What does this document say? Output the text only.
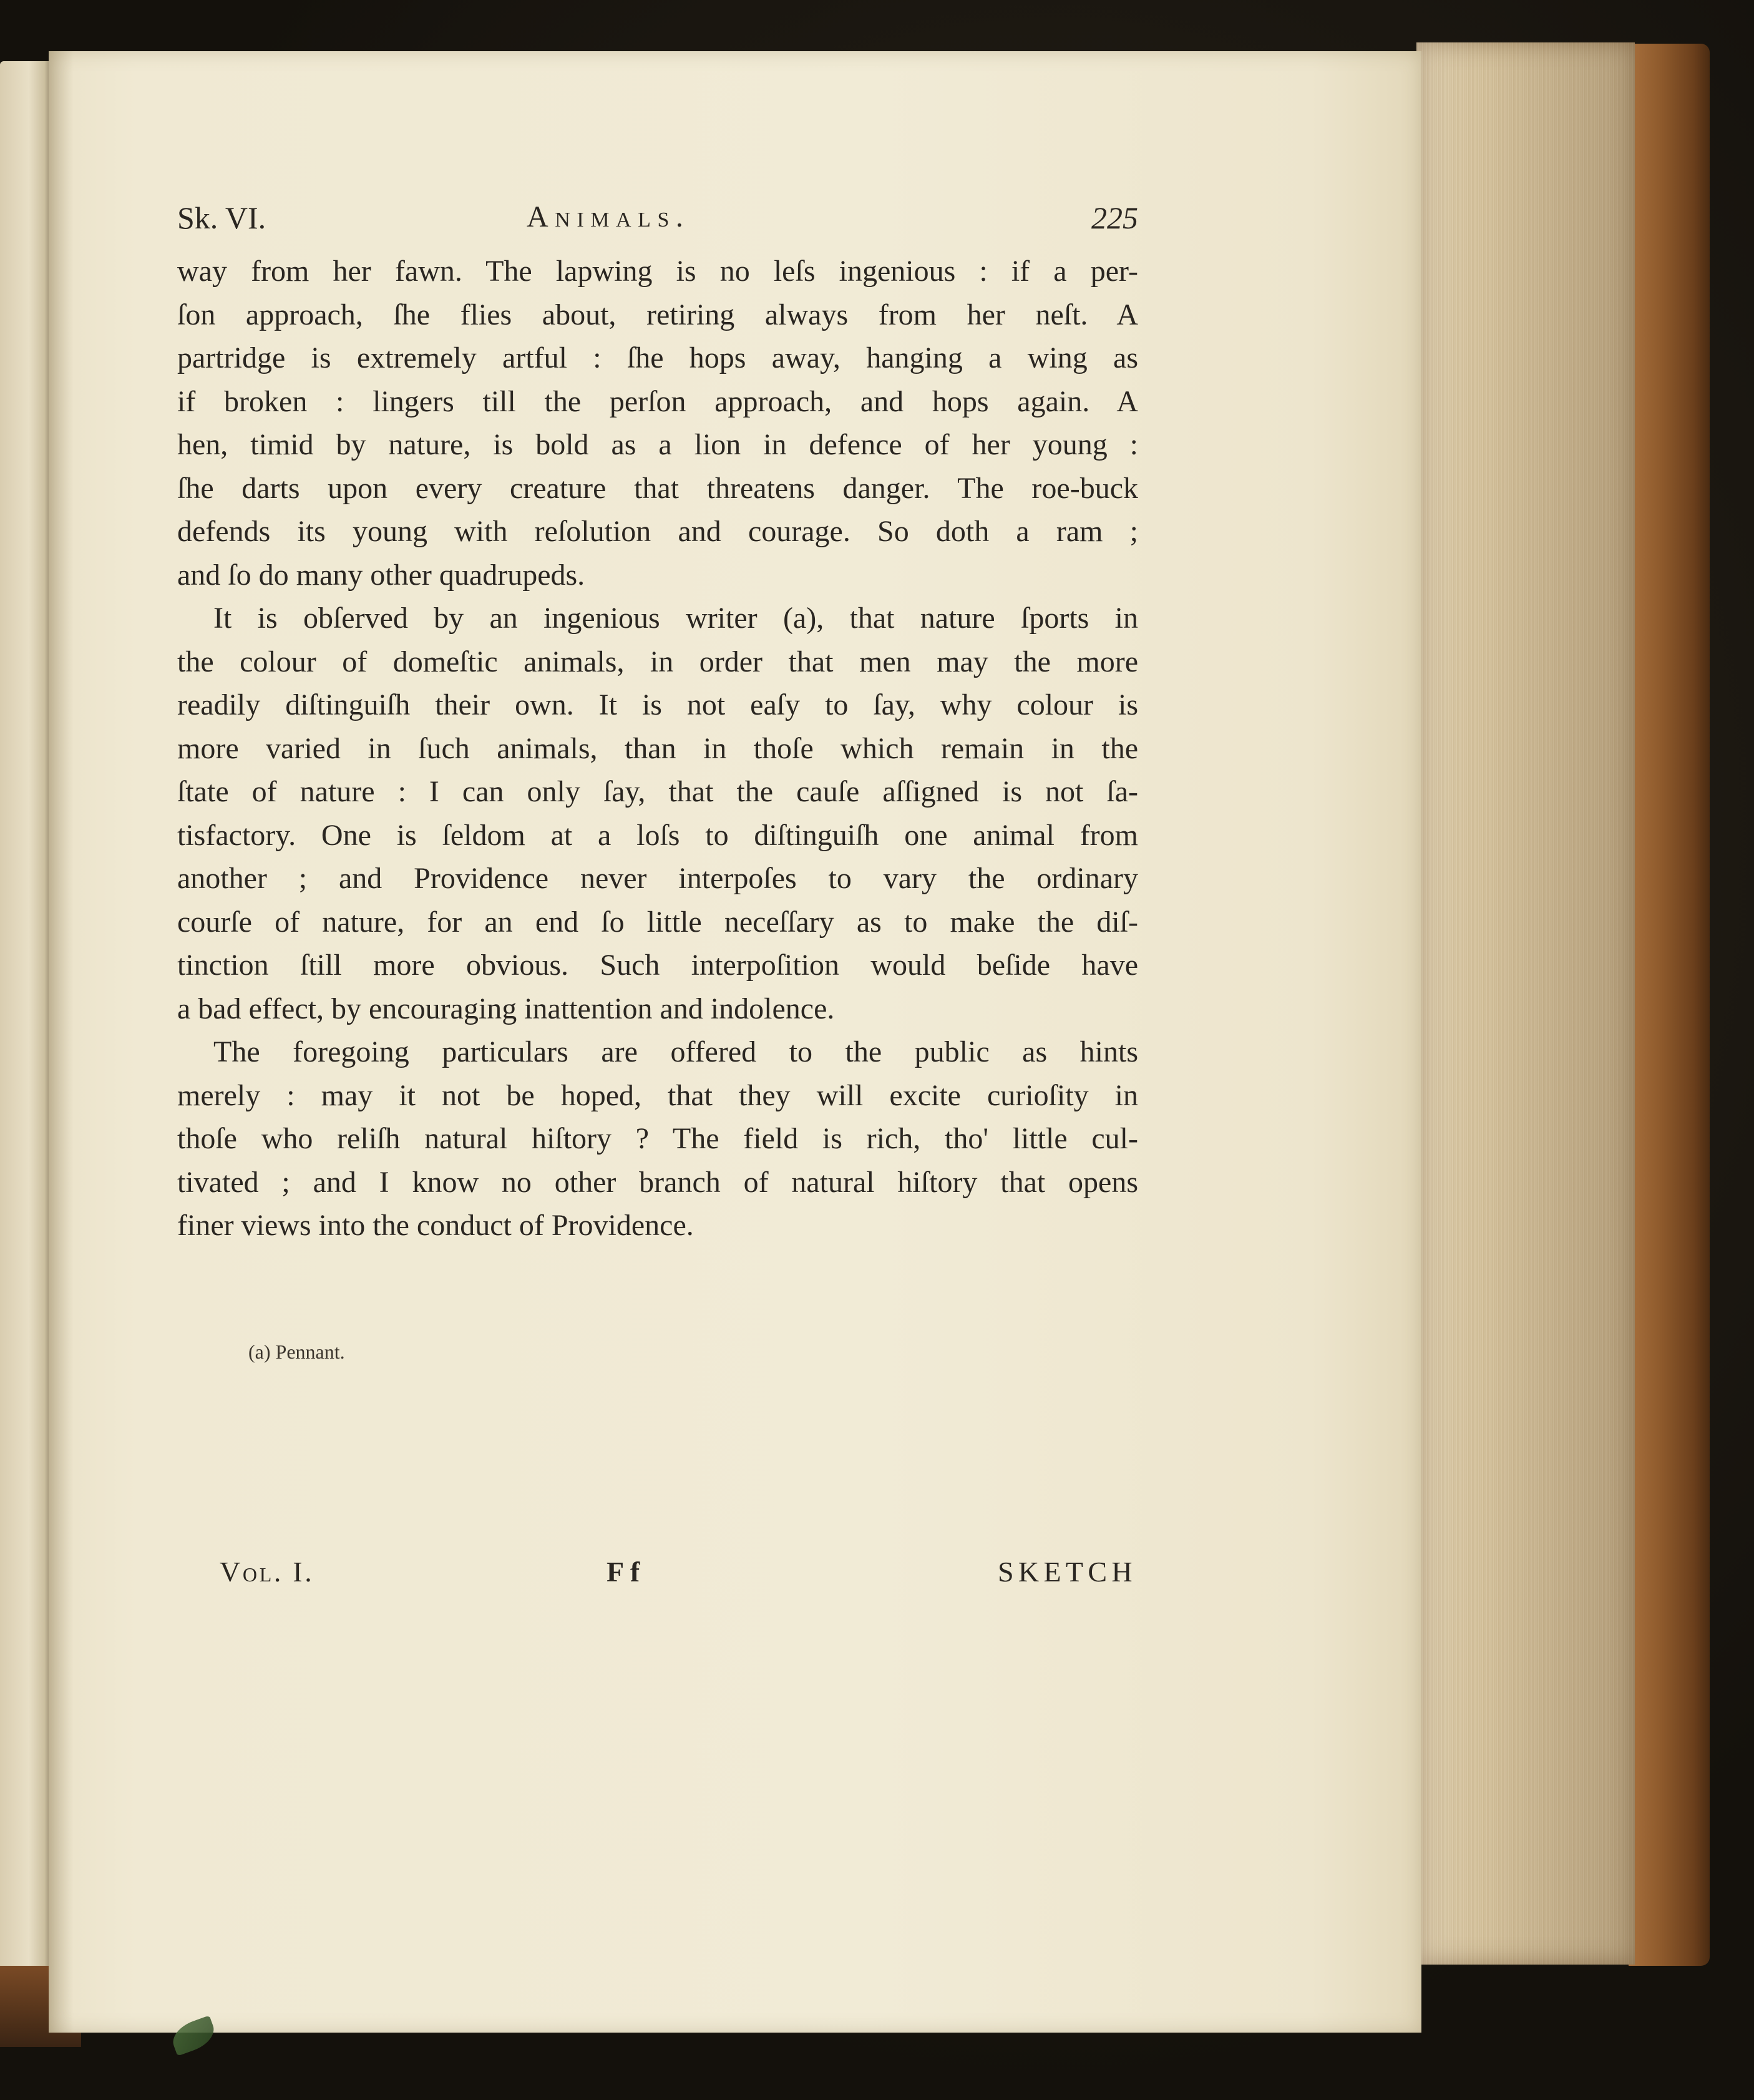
Sk. VI.	Animals.	225
way from her fawn. The lapwing is no leſs ingenious : if a per-
ſon approach, ſhe flies about, retiring always from her neſt. A
partridge is extremely artful : ſhe hops away, hanging a wing as
if broken : lingers till the perſon approach, and hops again. A
hen, timid by nature, is bold as a lion in defence of her young :
ſhe darts upon every creature that threatens danger. The roe-buck
defends its young with reſolution and courage. So doth a ram ;
and ſo do many other quadrupeds.
It is obſerved by an ingenious writer (a), that nature ſports in
the colour of domeſtic animals, in order that men may the more
readily diſtinguiſh their own. It is not eaſy to ſay, why colour is
more varied in ſuch animals, than in thoſe which remain in the
ſtate of nature : I can only ſay, that the cauſe aſſigned is not ſa-
tisfactory. One is ſeldom at a loſs to diſtinguiſh one animal from
another ; and Providence never interpoſes to vary the ordinary
courſe of nature, for an end ſo little neceſſary as to make the diſ-
tinction ſtill more obvious. Such interpoſition would beſide have
a bad effect, by encouraging inattention and indolence.
The foregoing particulars are offered to the public as hints
merely : may it not be hoped, that they will excite curioſity in
thoſe who reliſh natural hiſtory ? The field is rich, tho' little cul-
tivated ; and I know no other branch of natural hiſtory that opens
finer views into the conduct of Providence.
(a) Pennant.
Vol. I.	F f	SKETCH
